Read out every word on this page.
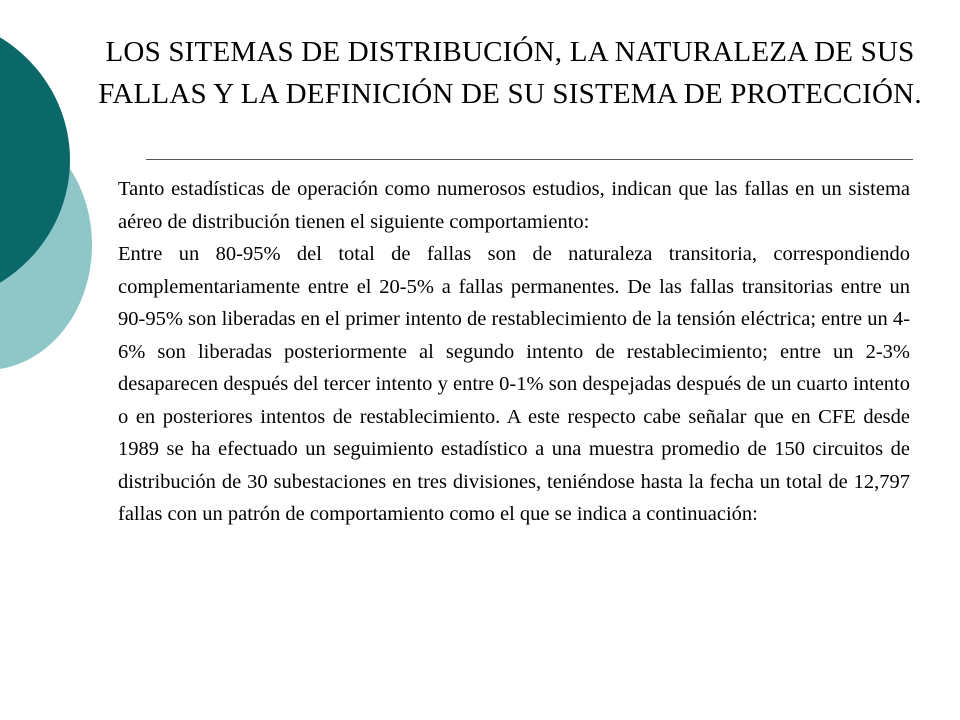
LOS SITEMAS DE DISTRIBUCIÓN, LA NATURALEZA DE SUS FALLAS Y LA DEFINICIÓN DE SU SISTEMA DE PROTECCIÓN.

Tanto estadísticas de operación como numerosos estudios, indican que las fallas en un sistema aéreo de distribución tienen el siguiente comportamiento:

Entre un 80-95% del total de fallas son de naturaleza transitoria, correspondiendo complementariamente entre el 20-5% a fallas permanentes. De las fallas transitorias entre un 90-95% son liberadas en el primer intento de restablecimiento de la tensión eléctrica; entre un 4-6% son liberadas posteriormente al segundo intento de restablecimiento; entre un 2-3% desaparecen después del tercer intento y entre 0-1% son despejadas después de un cuarto intento o en posteriores intentos de restablecimiento. A este respecto cabe señalar que en CFE desde 1989 se ha efectuado un seguimiento estadístico a una muestra promedio de 150 circuitos de distribución de 30 subestaciones en tres divisiones, teniéndose hasta la fecha un total de 12,797 fallas con un patrón de comportamiento como el que se indica a continuación:
